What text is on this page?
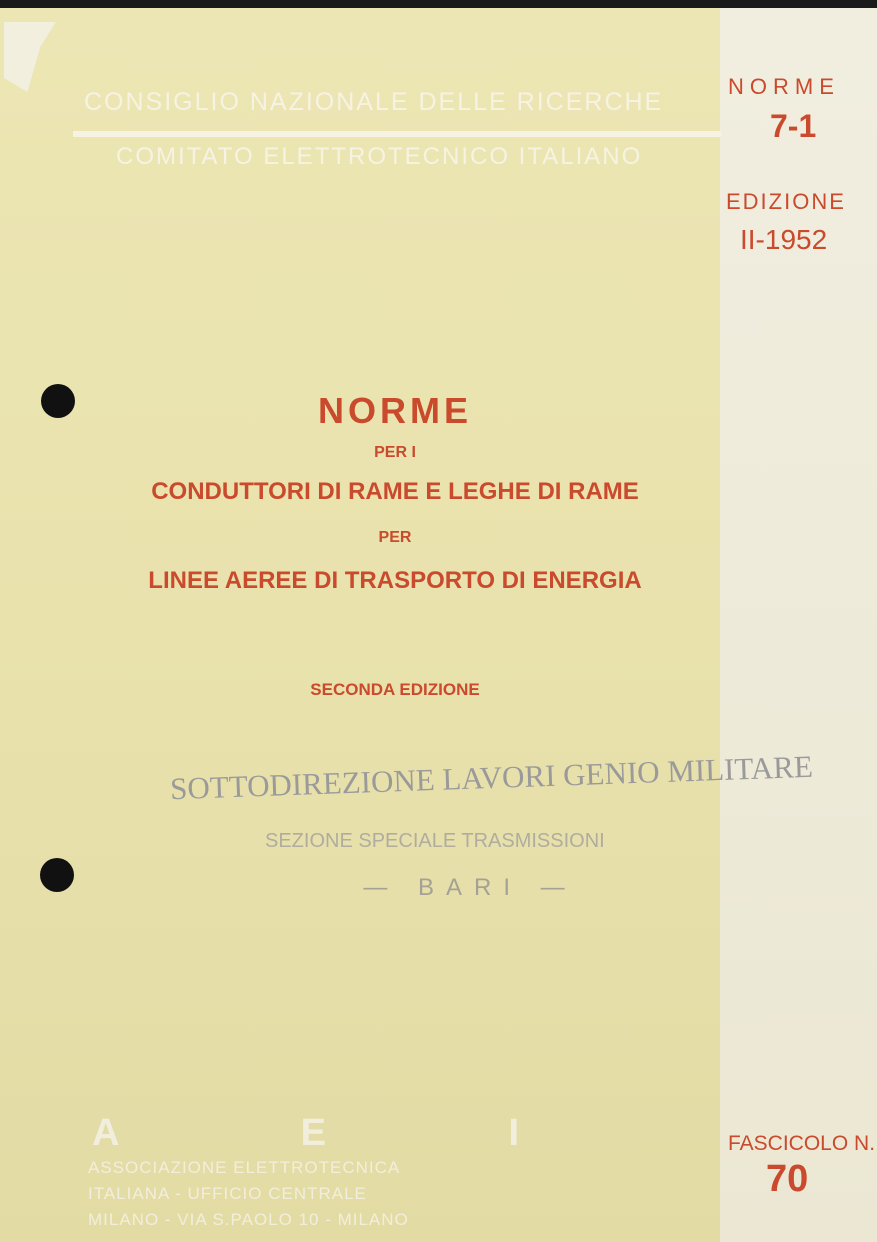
CONSIGLIO NAZIONALE DELLE RICERCHE
COMITATO ELETTROTECNICO ITALIANO
NORME
7-1
EDIZIONE
II-1952
FASCICOLO N.
70
NORME
PER I
CONDUTTORI DI RAME E LEGHE DI RAME
PER
LINEE AEREE DI TRASPORTO DI ENERGIA
SECONDA EDIZIONE
SOTTODIREZIONE LAVORI GENIO MILITARE
SEZIONE SPECIALE TRASMISSIONI
— BARI —
A E I
ASSOCIAZIONE ELETTROTECNICA
ITALIANA - UFFICIO CENTRALE
MILANO - VIA S.PAOLO 10 - MILANO
